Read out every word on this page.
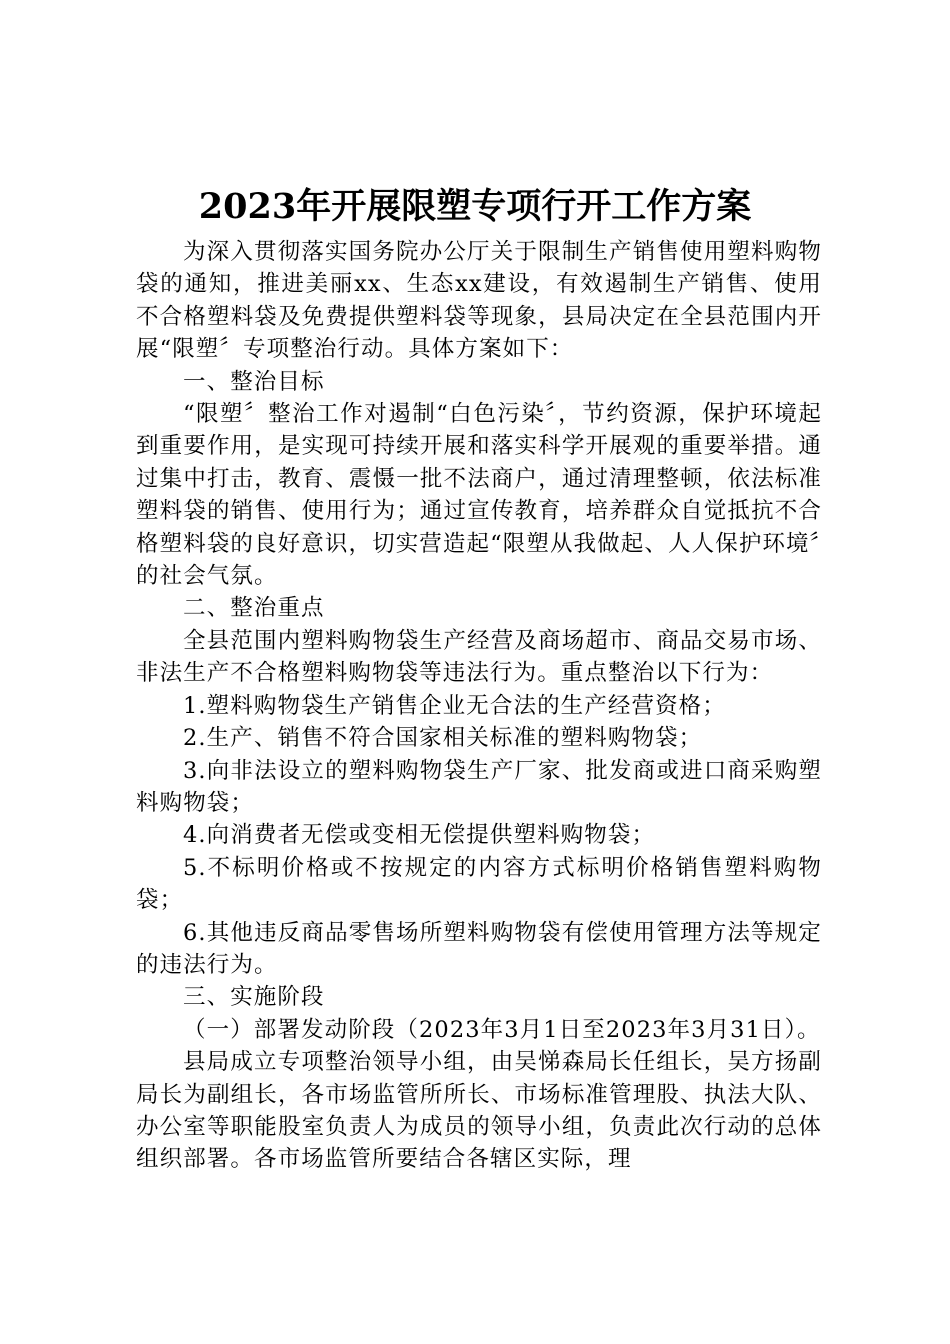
2023年开展限塑专项行开工作方案

为深入贯彻落实国务院办公厅关于限制生产销售使用塑料购物袋的通知，推进美丽xx、生态xx建设，有效遏制生产销售、使用不合格塑料袋及免费提供塑料袋等现象，县局决定在全县范围内开展“限塑〞专项整治行动。具体方案如下：

一、整治目标

“限塑〞整治工作对遏制“白色污染〞，节约资源，保护环境起到重要作用，是实现可持续开展和落实科学开展观的重要举措。通过集中打击，教育、震慑一批不法商户，通过清理整顿，依法标准塑料袋的销售、使用行为；通过宣传教育，培养群众自觉抵抗不合格塑料袋的良好意识，切实营造起“限塑从我做起、人人保护环境〞的社会气氛。

二、整治重点

全县范围内塑料购物袋生产经营及商场超市、商品交易市场、非法生产不合格塑料购物袋等违法行为。重点整治以下行为：

1.塑料购物袋生产销售企业无合法的生产经营资格；

2.生产、销售不符合国家相关标准的塑料购物袋；

3.向非法设立的塑料购物袋生产厂家、批发商或进口商采购塑料购物袋；

4.向消费者无偿或变相无偿提供塑料购物袋；

5.不标明价格或不按规定的内容方式标明价格销售塑料购物袋；

6.其他违反商品零售场所塑料购物袋有偿使用管理方法等规定的违法行为。

三、实施阶段

（一）部署发动阶段（2023年3月1日至2023年3月31日）。

县局成立专项整治领导小组，由吴悌森局长任组长，吴方扬副局长为副组长，各市场监管所所长、市场标准管理股、执法大队、办公室等职能股室负责人为成员的领导小组，负责此次行动的总体组织部署。各市场监管所要结合各辖区实际，理
